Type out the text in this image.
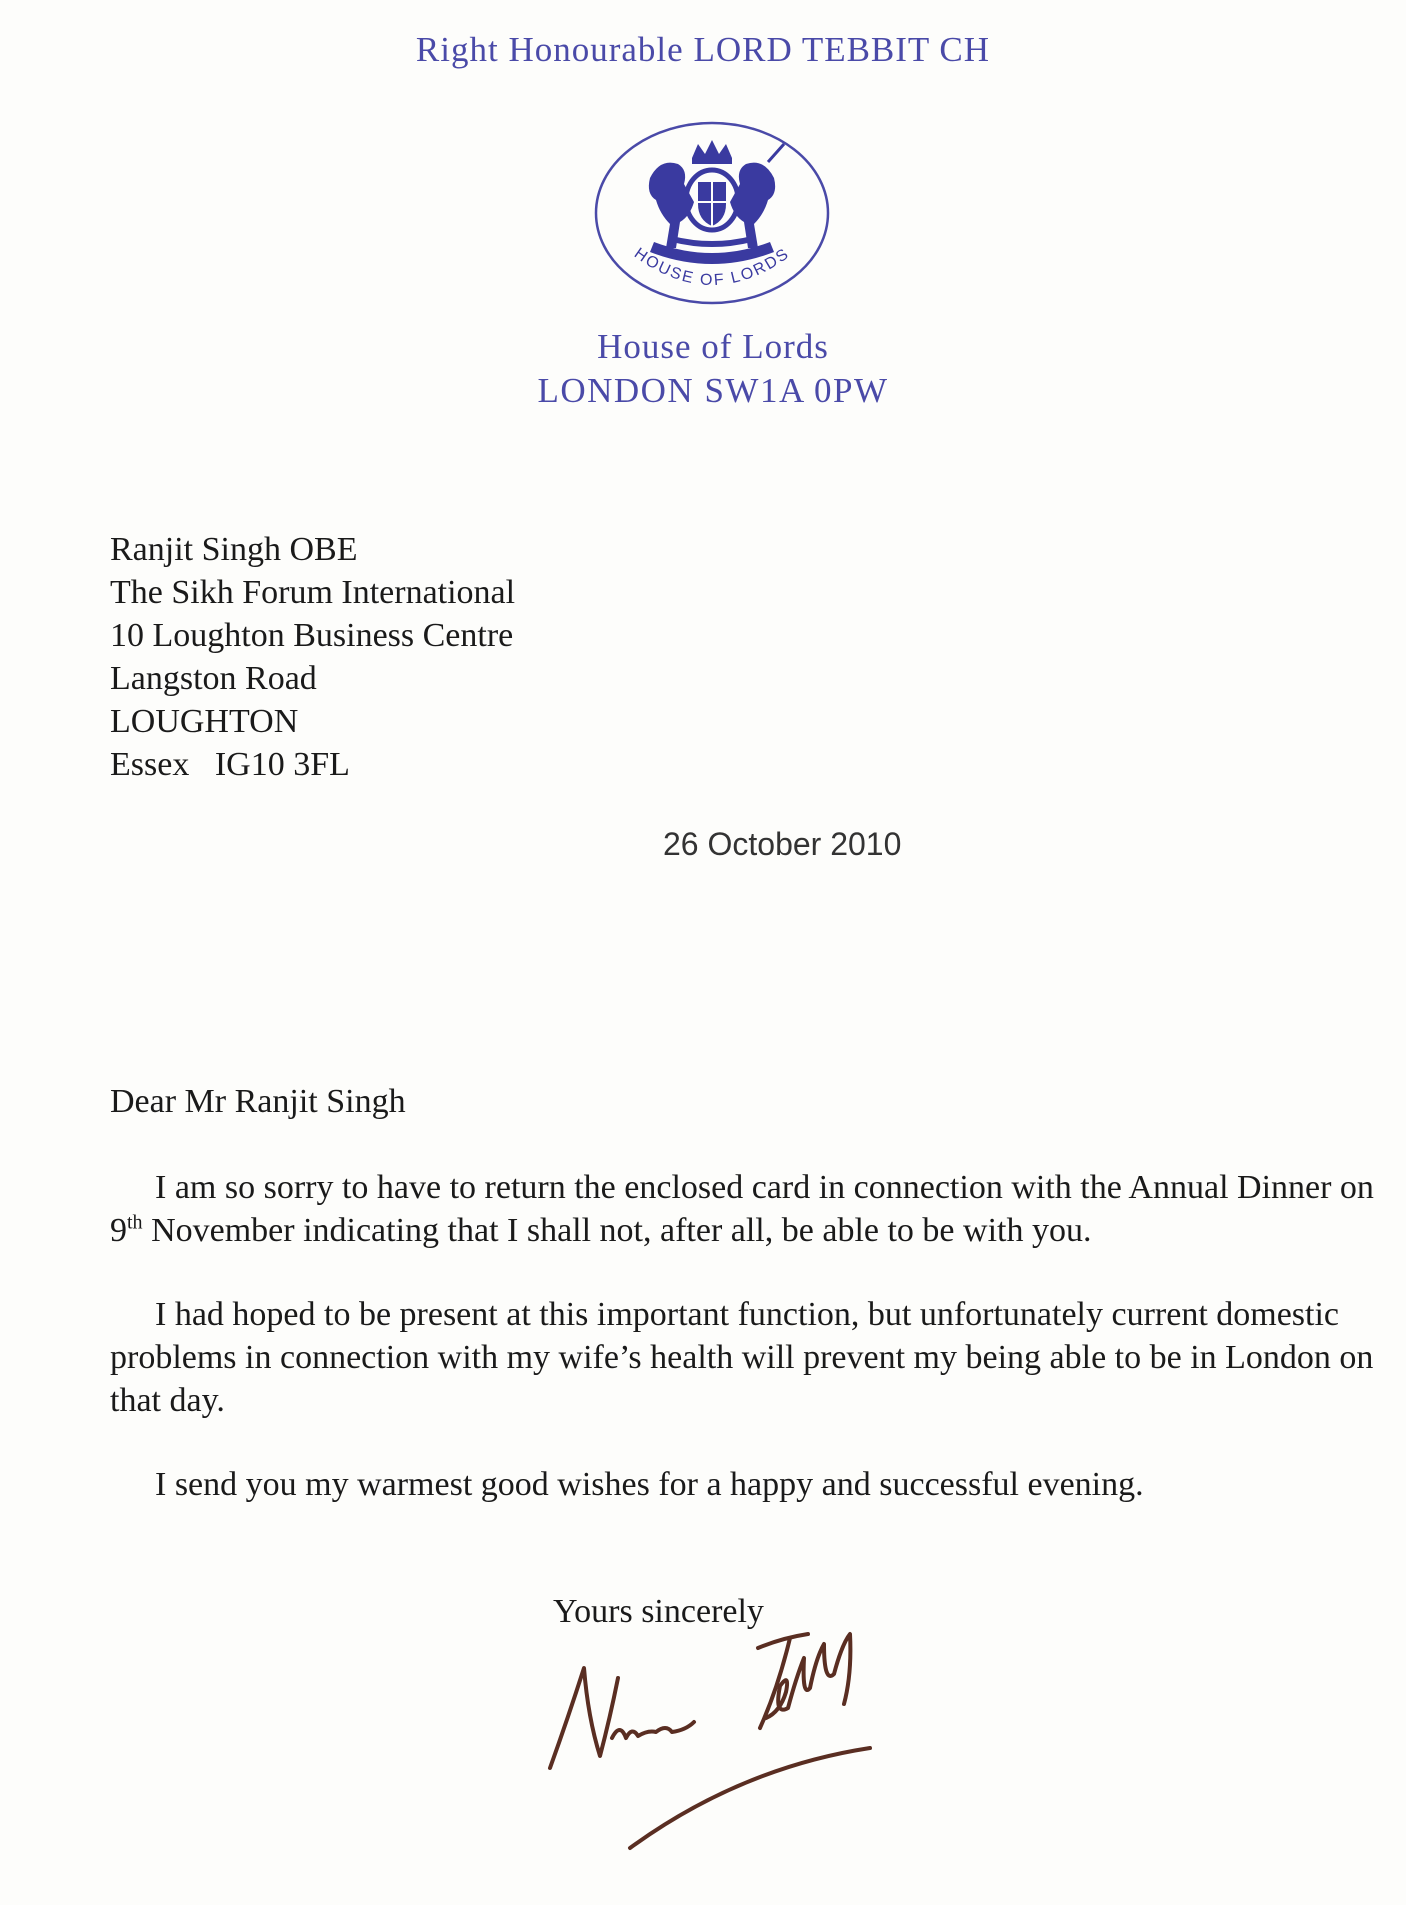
Right Honourable LORD TEBBIT CH
HOUSE OF LORDS
House of Lords
LONDON SW1A 0PW
Ranjit Singh OBE
The Sikh Forum International
10 Loughton Business Centre
Langston Road
LOUGHTON
Essex   IG10 3FL
26 October 2010
Dear Mr Ranjit Singh
I am so sorry to have to return the enclosed card in connection with the Annual Dinner on 9th November indicating that I shall not, after all, be able to be with you.
I had hoped to be present at this important function, but unfortunately current domestic problems in connection with my wife’s health will prevent my being able to be in London on that day.
I send you my warmest good wishes for a happy and successful evening.
Yours sincerely
